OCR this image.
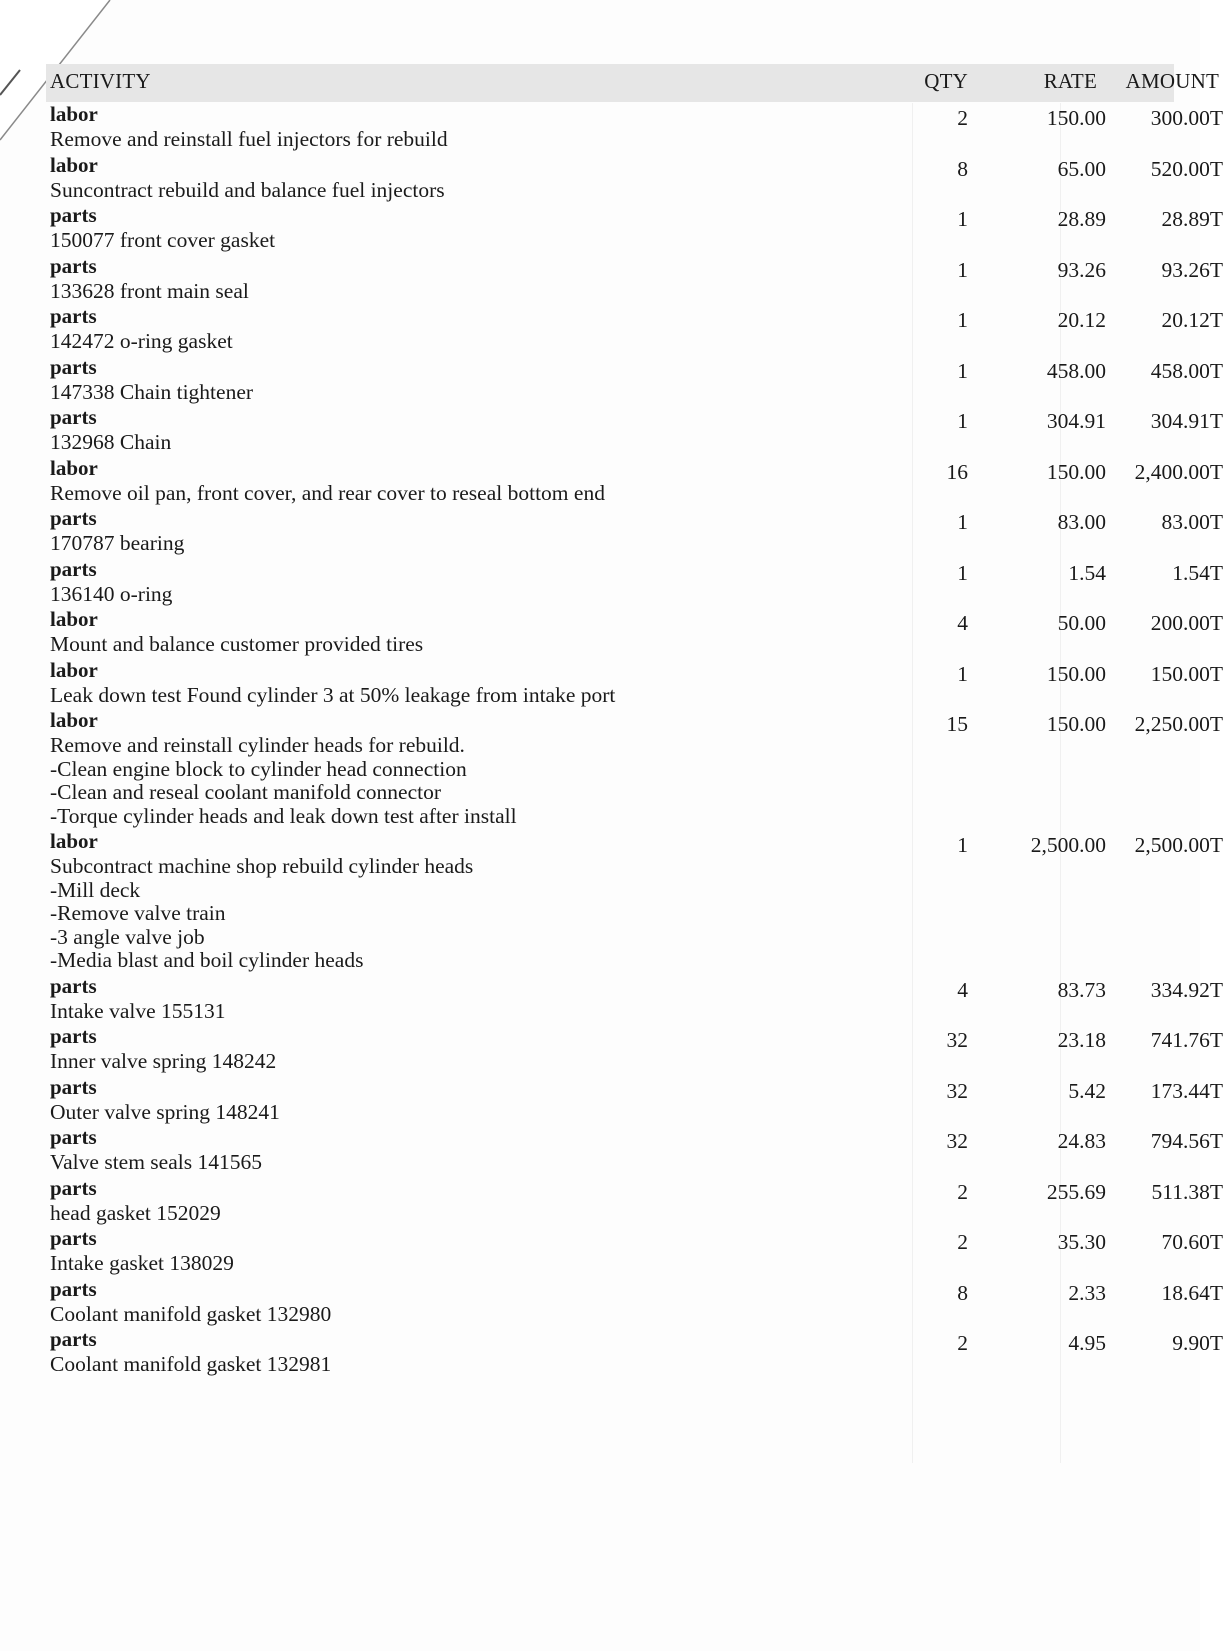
ACTIVITY	QTY	RATE	AMOUNT
labor
Remove and reinstall fuel injectors for rebuild
2	150.00	300.00T
labor
Suncontract rebuild and balance fuel injectors
8	65.00	520.00T
parts
150077 front cover gasket
1	28.89	28.89T
parts
133628 front main seal
1	93.26	93.26T
parts
142472 o-ring gasket
1	20.12	20.12T
parts
147338 Chain tightener
1	458.00	458.00T
parts
132968 Chain
1	304.91	304.91T
labor
Remove oil pan, front cover, and rear cover to reseal bottom end
16	150.00	2,400.00T
parts
170787 bearing
1	83.00	83.00T
parts
136140 o-ring
1	1.54	1.54T
labor
Mount and balance customer provided tires
4	50.00	200.00T
labor
Leak down test Found cylinder 3 at 50% leakage from intake port
1	150.00	150.00T
labor
Remove and reinstall cylinder heads for rebuild.
-Clean engine block to cylinder head connection
-Clean and reseal coolant manifold connector
-Torque cylinder heads and leak down test after install
15	150.00	2,250.00T
labor
Subcontract machine shop rebuild cylinder heads
-Mill deck
-Remove valve train
-3 angle valve job
-Media blast and boil cylinder heads
1	2,500.00	2,500.00T
parts
Intake valve 155131
4	83.73	334.92T
parts
Inner valve spring 148242
32	23.18	741.76T
parts
Outer valve spring 148241
32	5.42	173.44T
parts
Valve stem seals 141565
32	24.83	794.56T
parts
head gasket 152029
2	255.69	511.38T
parts
Intake gasket 138029
2	35.30	70.60T
parts
Coolant manifold gasket 132980
8	2.33	18.64T
parts
Coolant manifold gasket 132981
2	4.95	9.90T
